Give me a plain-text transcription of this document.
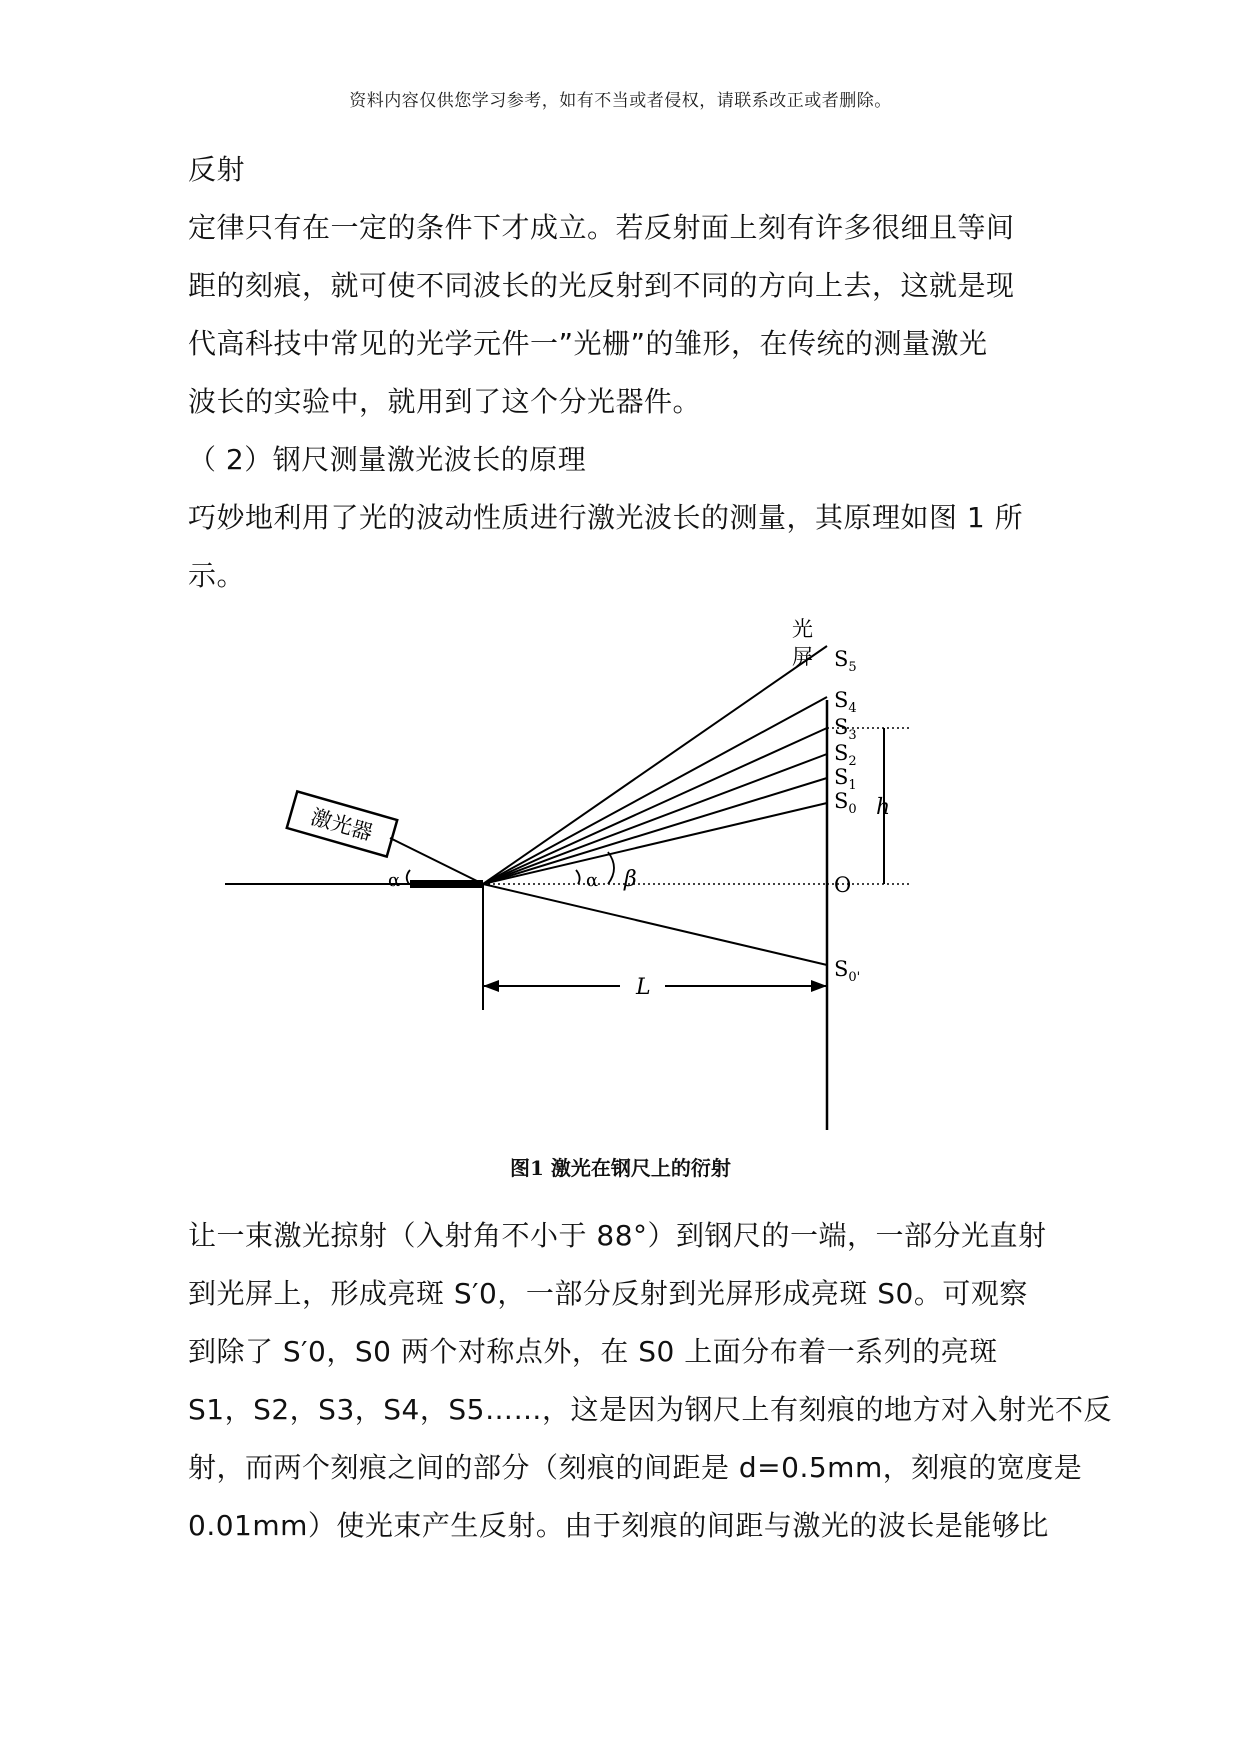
资料内容仅供您学习参考，如有不当或者侵权，请联系改正或者删除。
反射
定律只有在一定的条件下才成立。若反射面上刻有许多很细且等间
距的刻痕，就可使不同波长的光反射到不同的方向上去，这就是现
代高科技中常见的光学元件一”光栅”的雏形，在传统的测量激光
波长的实验中，就用到了这个分光器件。
（ 2）钢尺测量激光波长的原理
巧妙地利用了光的波动性质进行激光波长的测量，其原理如图 1 所
示。
激光器
光
屏 $S_5$
$S_4$
$S_3$
$S_2$
$S_1$
$S_0$
O
$S_{0'}$
h
L
α	α β
图1 激光在钢尺上的衍射
让一束激光掠射（入射角不小于 88°）到钢尺的一端，一部分光直射
到光屏上，形成亮斑 S′0，一部分反射到光屏形成亮斑 S0。可观察
到除了 S′0，S0 两个对称点外，在 S0 上面分布着一系列的亮斑
S1，S2，S3，S4，S5……，这是因为钢尺上有刻痕的地方对入射光不反
射，而两个刻痕之间的部分（刻痕的间距是 d=0.5mm，刻痕的宽度是
0.01mm）使光束产生反射。由于刻痕的间距与激光的波长是能够比
